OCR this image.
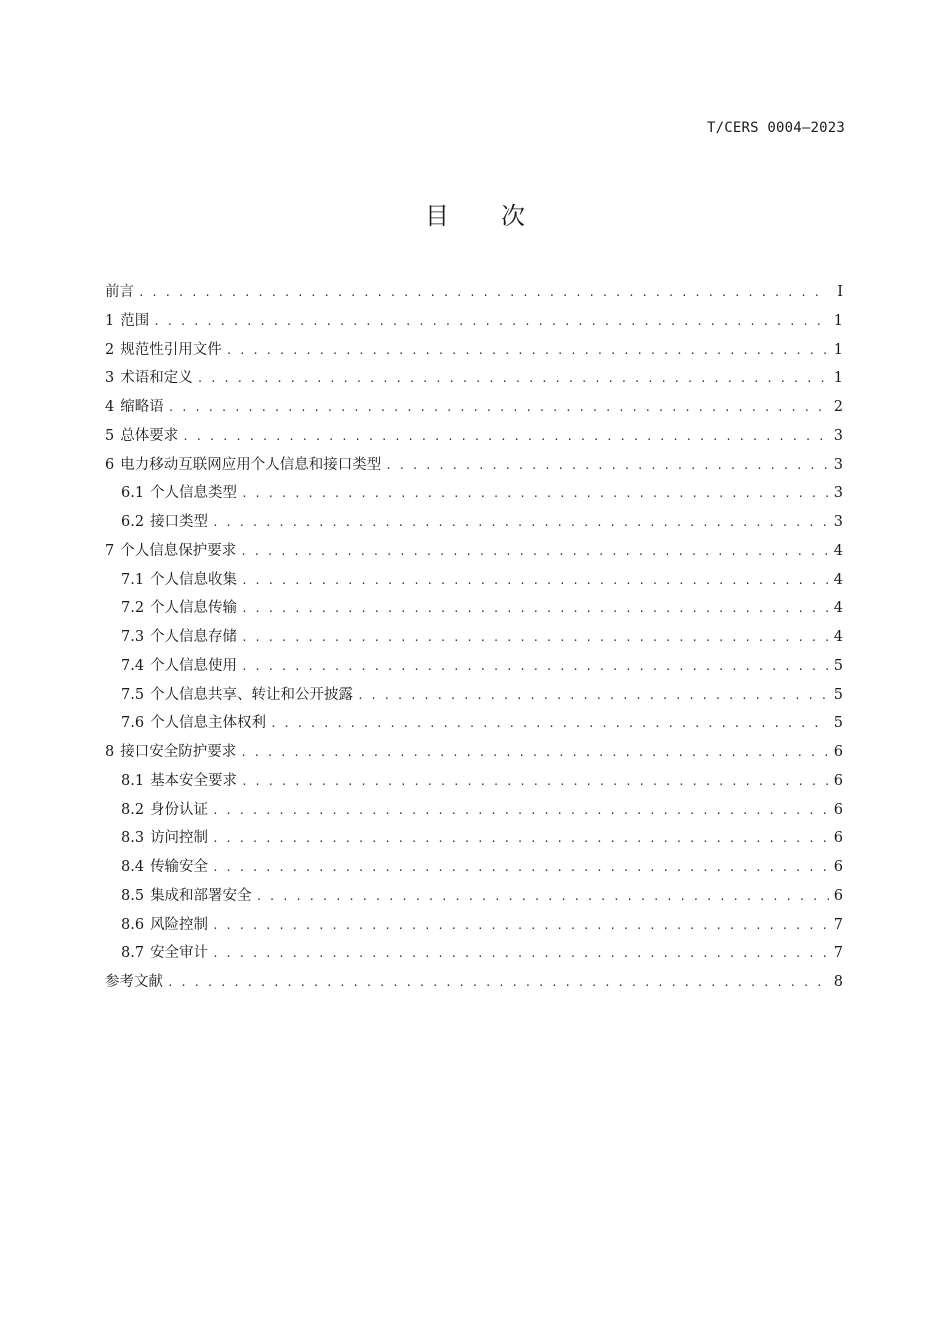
T/CERS 0004—2023
目次
前言 . . .	I
1 范围 . . .	1
2 规范性引用文件 . . .	1
3 术语和定义 . . .	1
4 缩略语 . . .	2
5 总体要求 . . .	3
6 电力移动互联网应用个人信息和接口类型 . . .	3
6.1 个人信息类型 . . .	3
6.2 接口类型 . . .	3
7 个人信息保护要求 . . .	4
7.1 个人信息收集 . . .	4
7.2 个人信息传输 . . .	4
7.3 个人信息存储 . . .	4
7.4 个人信息使用 . . .	5
7.5 个人信息共享、转让和公开披露 . . .	5
7.6 个人信息主体权利 . . .	5
8 接口安全防护要求 . . .	6
8.1 基本安全要求 . . .	6
8.2 身份认证 . . .	6
8.3 访问控制 . . .	6
8.4 传输安全 . . .	6
8.5 集成和部署安全 . . .	6
8.6 风险控制 . . .	7
8.7 安全审计 . . .	7
参考文献 . . .	8
